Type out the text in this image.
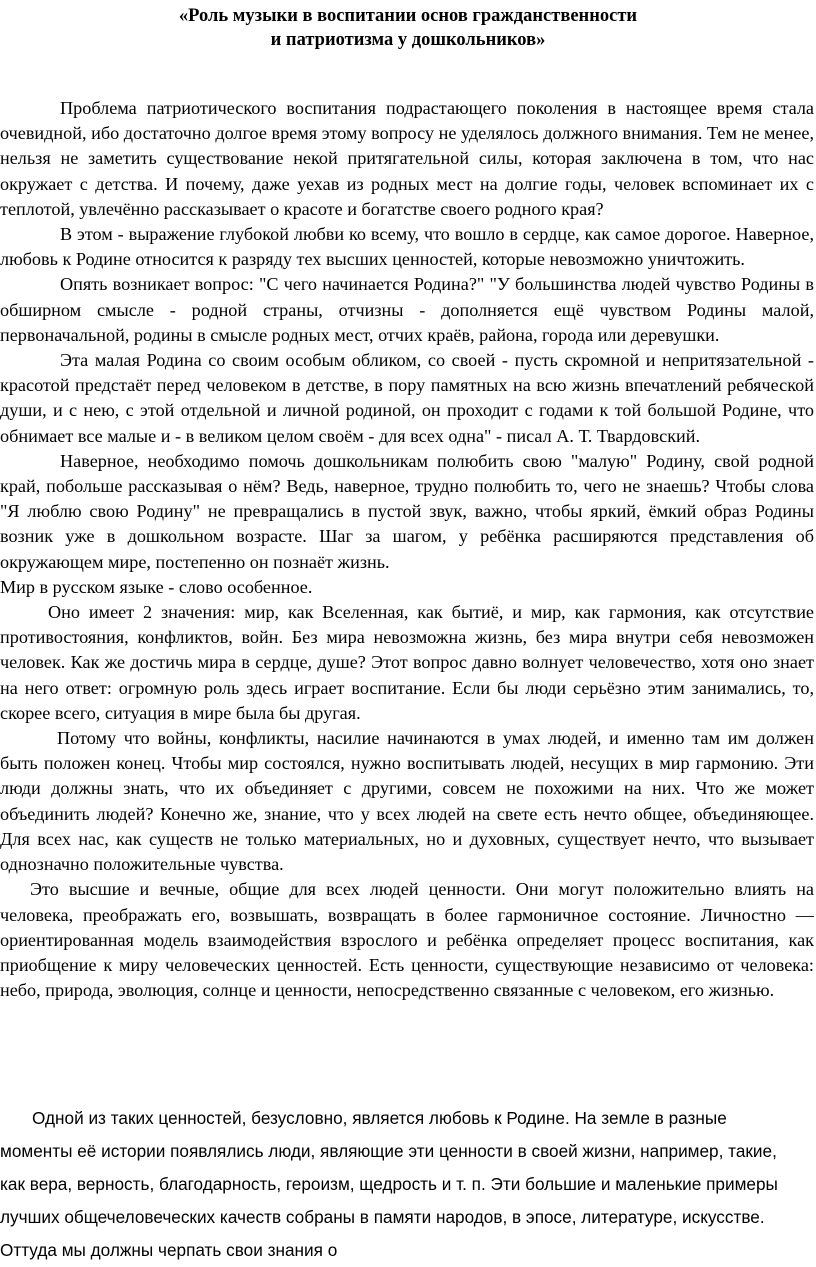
«Роль музыки в воспитании основ гражданственности
и патриотизма у дошкольников»

Проблема патриотического воспитания подрастающего поколения в настоящее время стала очевидной, ибо достаточно долгое время этому вопросу не уделялось должного внимания. Тем не менее, нельзя не заметить существование некой притягательной силы, которая заключена в том, что нас окружает с детства. И почему, даже уехав из родных мест на долгие годы, человек вспоминает их с теплотой, увлечённо рассказывает о красоте и богатстве своего родного края?

В этом - выражение глубокой любви ко всему, что вошло в сердце, как самое дорогое. Наверное, любовь к Родине относится к разряду тех высших ценностей, которые невозможно уничтожить.

Опять возникает вопрос: "С чего начинается Родина?" "У большинства людей чувство Родины в обширном смысле - родной страны, отчизны - дополняется ещё чувством Родины малой, первоначальной, родины в смысле родных мест, отчих краёв, района, города или деревушки.

Эта малая Родина со своим особым обликом, со своей - пусть скромной и непритязательной - красотой предстаёт перед человеком в детстве, в пору памятных на всю жизнь впечатлений ребяческой души, и с нею, с этой отдельной и личной родиной, он проходит с годами к той большой Родине, что обнимает все малые и - в великом целом своём - для всех одна" - писал А. Т. Твардовский.

Наверное, необходимо помочь дошкольникам полюбить свою "малую" Родину, свой родной край, побольше рассказывая о нём? Ведь, наверное, трудно полюбить то, чего не знаешь? Чтобы слова "Я люблю свою Родину" не превращались в пустой звук, важно, чтобы яркий, ёмкий образ Родины возник уже в дошкольном возрасте. Шаг за шагом, у ребёнка расширяются представления об окружающем мире, постепенно он познаёт жизнь.

Мир в русском языке - слово особенное.

Оно имеет 2 значения: мир, как Вселенная, как бытиё, и мир, как гармония, как отсутствие противостояния, конфликтов, войн. Без мира невозможна жизнь, без мира внутри себя невозможен человек. Как же достичь мира в сердце, душе? Этот вопрос давно волнует человечество, хотя оно знает на него ответ: огромную роль здесь играет воспитание. Если бы люди серьёзно этим занимались, то, скорее всего, ситуация в мире была бы другая.

Потому что войны, конфликты, насилие начинаются в умах людей, и именно там им должен быть положен конец. Чтобы мир состоялся, нужно воспитывать людей, несущих в мир гармонию. Эти люди должны знать, что их объединяет с другими, совсем не похожими на них. Что же может объединить людей? Конечно же, знание, что у всех людей на свете есть нечто общее, объединяющее. Для всех нас, как существ не только материальных, но и духовных, существует нечто, что вызывает однозначно положительные чувства.

Это высшие и вечные, общие для всех людей ценности. Они могут положительно влиять на человека, преображать его, возвышать, возвращать в более гармоничное состояние. Личностно — ориентированная модель взаимодействия взрослого и ребёнка определяет процесс воспитания, как приобщение к миру человеческих ценностей. Есть ценности, существующие независимо от человека: небо, природа, эволюция, солнце и ценности, непосредственно связанные с человеком, его жизнью.

Одной из таких ценностей, безусловно, является любовь к Родине. На земле в разные моменты её истории появлялись люди, являющие эти ценности в своей жизни, например, такие, как вера, верность, благодарность, героизм, щедрость и т. п. Эти большие и маленькие примеры лучших общечеловеческих качеств собраны в памяти народов, в эпосе, литературе, искусстве. Оттуда мы должны черпать свои знания о
